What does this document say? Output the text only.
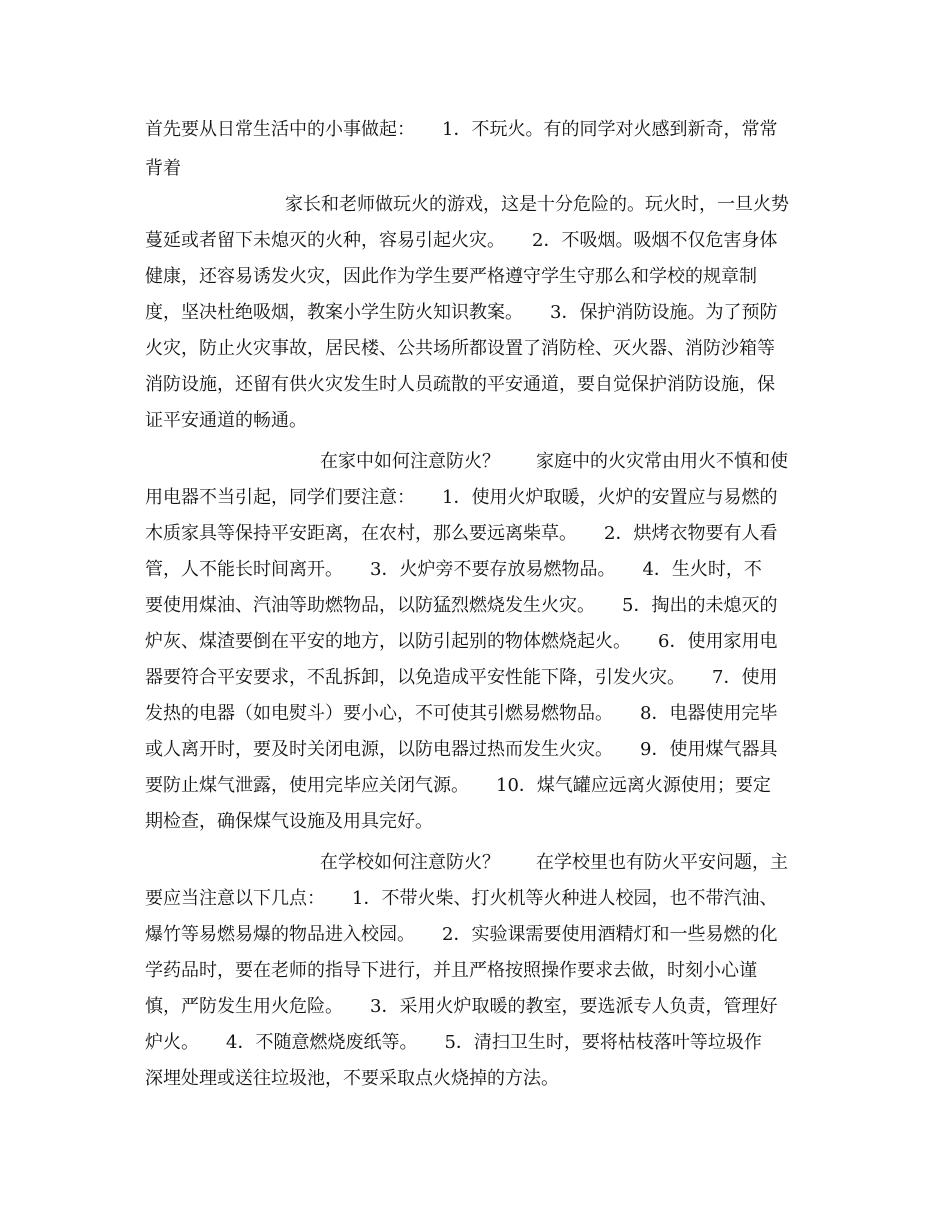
首先要从日常生活中的小事做起：　　1．不玩火。有的同学对火感到新奇，常常

背着

家长和老师做玩火的游戏，这是十分危险的。玩火时，一旦火势

蔓延或者留下未熄灭的火种，容易引起火灾。　　2．不吸烟。吸烟不仅危害身体

健康，还容易诱发火灾，因此作为学生要严格遵守学生守那么和学校的规章制

度，坚决杜绝吸烟，教案小学生防火知识教案。　　3．保护消防设施。为了预防

火灾，防止火灾事故，居民楼、公共场所都设置了消防栓、灭火器、消防沙箱等

消防设施，还留有供火灾发生时人员疏散的平安通道，要自觉保护消防设施，保

证平安通道的畅通。

在家中如何注意防火？　　家庭中的火灾常由用火不慎和使

用电器不当引起，同学们要注意：　　1．使用火炉取暖，火炉的安置应与易燃的

木质家具等保持平安距离，在农村，那么要远离柴草。　　2．烘烤衣物要有人看

管，人不能长时间离开。　　3．火炉旁不要存放易燃物品。　　4．生火时，不

要使用煤油、汽油等助燃物品，以防猛烈燃烧发生火灾。　　5．掏出的未熄灭的

炉灰、煤渣要倒在平安的地方，以防引起别的物体燃烧起火。　　6．使用家用电

器要符合平安要求，不乱拆卸，以免造成平安性能下降，引发火灾。　　7．使用

发热的电器（如电熨斗）要小心，不可使其引燃易燃物品。　　8．电器使用完毕

或人离开时，要及时关闭电源，以防电器过热而发生火灾。　　9．使用煤气器具

要防止煤气泄露，使用完毕应关闭气源。　　10．煤气罐应远离火源使用；要定

期检查，确保煤气设施及用具完好。

在学校如何注意防火？　　在学校里也有防火平安问题，主

要应当注意以下几点：　　1．不带火柴、打火机等火种进人校园，也不带汽油、

爆竹等易燃易爆的物品进入校园。　　2．实验课需要使用酒精灯和一些易燃的化

学药品时，要在老师的指导下进行，并且严格按照操作要求去做，时刻小心谨

慎，严防发生用火危险。　　3．采用火炉取暖的教室，要选派专人负责，管理好

炉火。　　4．不随意燃烧废纸等。　　5．清扫卫生时，要将枯枝落叶等垃圾作

深埋处理或送往垃圾池，不要采取点火烧掉的方法。
